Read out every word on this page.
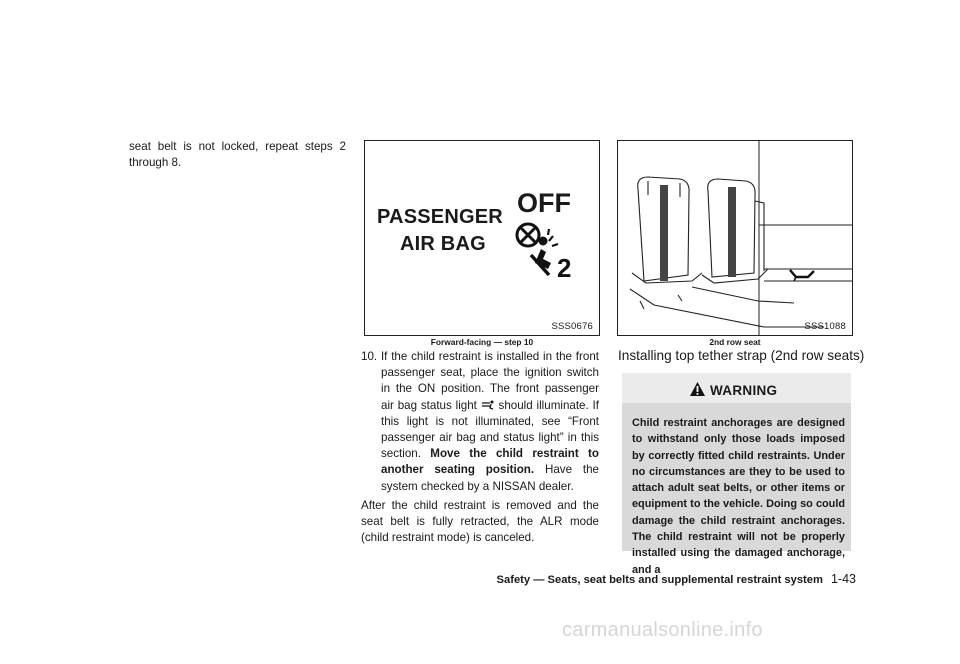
seat belt is not locked, repeat steps 2 through 8.

PASSENGER
AIR BAG
OFF
2
SSS0676
Forward-facing — step 10
SSS1088
2nd row seat

10. If the child restraint is installed in the front passenger seat, place the ignition switch in the ON position. The front passenger air bag status light should illuminate. If this light is not illuminated, see “Front passenger air bag and status light” in this section. Move the child restraint to another seating position. Have the system checked by a NISSAN dealer.

After the child restraint is removed and the seat belt is fully retracted, the ALR mode (child restraint mode) is canceled.

Installing top tether strap (2nd row seats)
WARNING
Child restraint anchorages are designed to withstand only those loads imposed by correctly fitted child restraints. Under no circumstances are they to be used to attach adult seat belts, or other items or equipment to the vehicle. Doing so could damage the child restraint anchorages. The child restraint will not be properly installed using the damaged anchorage, and a
Safety — Seats, seat belts and supplemental restraint system 1-43
carmanualsonline.info
